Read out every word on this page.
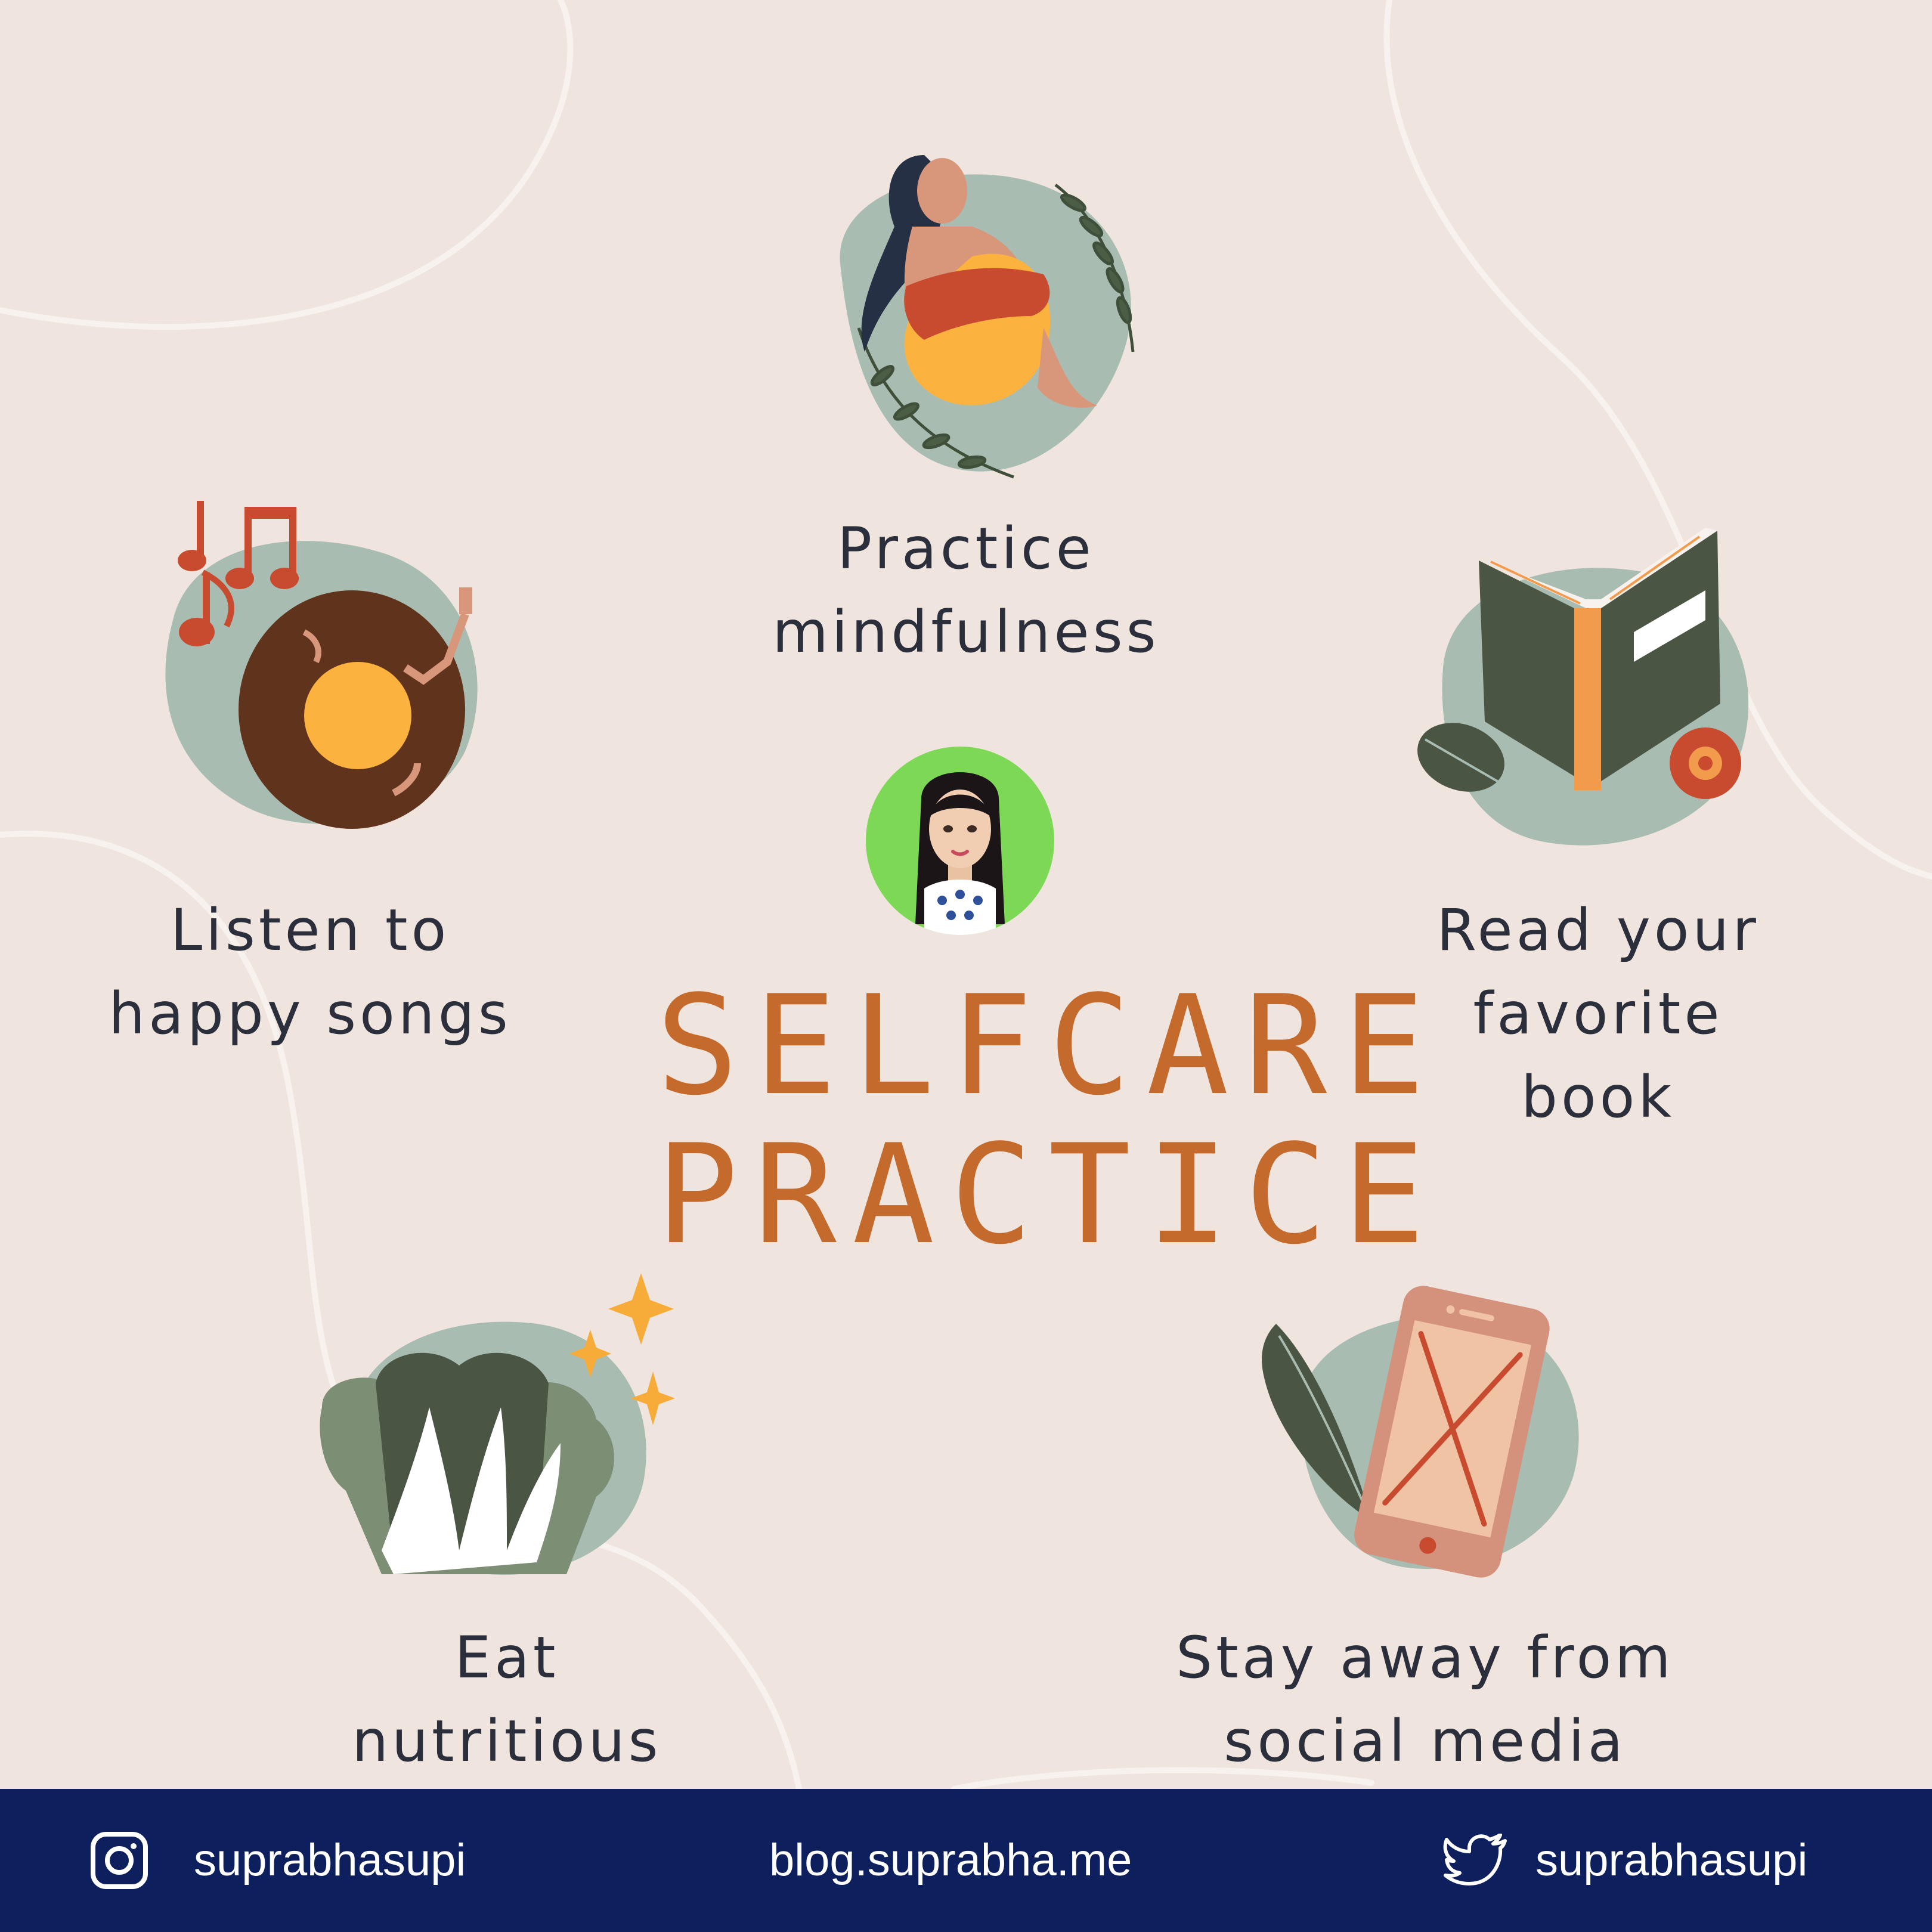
Practice
mindfulness
Listen to
happy songs
Read your
favorite book
SELFCARE
PRACTICE
Eat nutritious
Stay away from
social media
suprabhasupi	blog.suprabha.me	suprabhasupi
